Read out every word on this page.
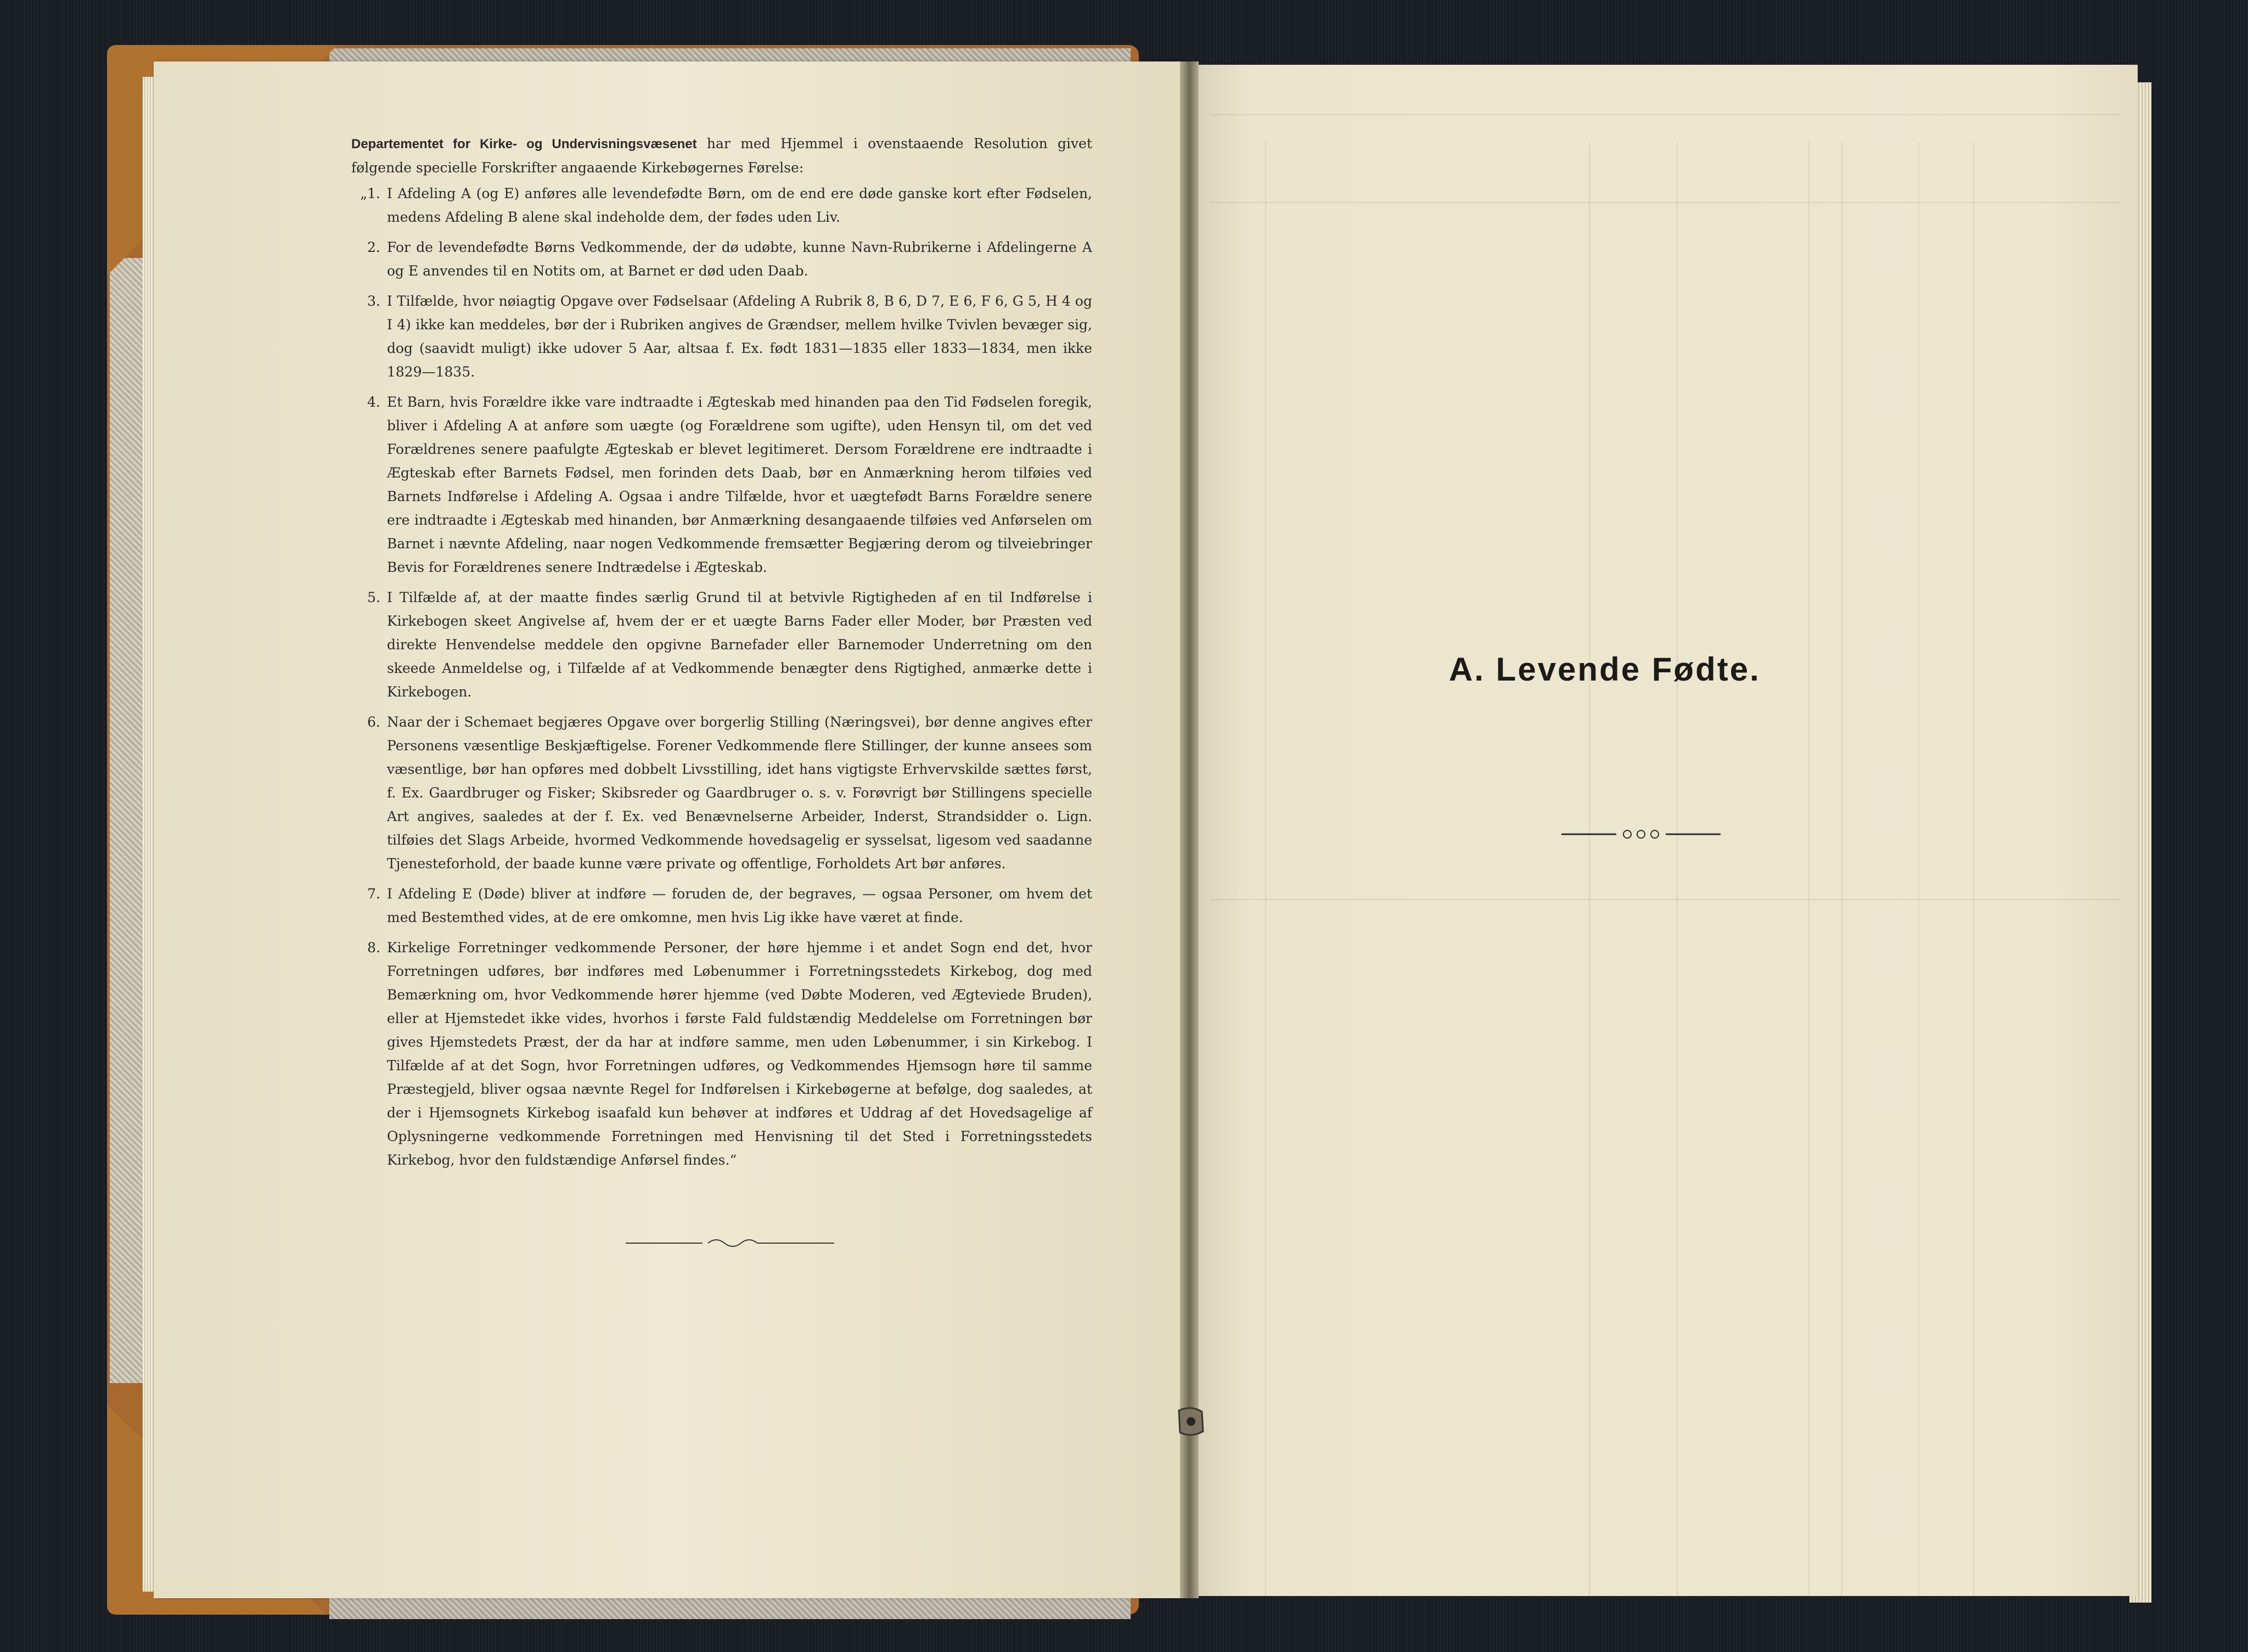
Departementet for Kirke- og Undervisningsvæsenet har med Hjemmel i ovenstaaende Resolution givet følgende specielle Forskrifter angaaende Kirkebøgernes Førelse:

„1. I Afdeling A (og E) anføres alle levendefødte Børn, om de end ere døde ganske kort efter Fødselen, medens Afdeling B alene skal indeholde dem, der fødes uden Liv.
2. For de levendefødte Børns Vedkommende, der dø udøbte, kunne Navn-Rubrikerne i Afdelingerne A og E anvendes til en Notits om, at Barnet er død uden Daab.
3. I Tilfælde, hvor nøiagtig Opgave over Fødselsaar (Afdeling A Rubrik 8, B 6, D 7, E 6, F 6, G 5, H 4 og I 4) ikke kan meddeles, bør der i Rubriken angives de Grændser, mellem hvilke Tvivlen bevæger sig, dog (saavidt muligt) ikke udover 5 Aar, altsaa f. Ex. født 1831—1835 eller 1833—1834, men ikke 1829—1835.
4. Et Barn, hvis Forældre ikke vare indtraadte i Ægteskab med hinanden paa den Tid Fødselen foregik, bliver i Afdeling A at anføre som uægte (og Forældrene som ugifte), uden Hensyn til, om det ved Forældrenes senere paafulgte Ægteskab er blevet legitimeret. Dersom Forældrene ere indtraadte i Ægteskab efter Barnets Fødsel, men forinden dets Daab, bør en Anmærkning herom tilføies ved Barnets Indførelse i Afdeling A. Ogsaa i andre Tilfælde, hvor et uægtefødt Barns Forældre senere ere indtraadte i Ægteskab med hinanden, bør Anmærkning desangaaende tilføies ved Anførselen om Barnet i nævnte Afdeling, naar nogen Vedkommende fremsætter Begjæring derom og tilveiebringer Bevis for Forældrenes senere Indtrædelse i Ægteskab.
5. I Tilfælde af, at der maatte findes særlig Grund til at betvivle Rigtigheden af en til Indførelse i Kirkebogen skeet Angivelse af, hvem der er et uægte Barns Fader eller Moder, bør Præsten ved direkte Henvendelse meddele den opgivne Barnefader eller Barnemoder Underretning om den skeede Anmeldelse og, i Tilfælde af at Vedkommende benægter dens Rigtighed, anmærke dette i Kirkebogen.
6. Naar der i Schemaet begjæres Opgave over borgerlig Stilling (Næringsvei), bør denne angives efter Personens væsentlige Beskjæftigelse. Forener Vedkommende flere Stillinger, der kunne ansees som væsentlige, bør han opføres med dobbelt Livsstilling, idet hans vigtigste Erhvervskilde sættes først, f. Ex. Gaardbruger og Fisker; Skibsreder og Gaardbruger o. s. v. Forøvrigt bør Stillingens specielle Art angives, saaledes at der f. Ex. ved Benævnelserne Arbeider, Inderst, Strandsidder o. Lign. tilføies det Slags Arbeide, hvormed Vedkommende hovedsagelig er sysselsat, ligesom ved saadanne Tjenesteforhold, der baade kunne være private og offentlige, Forholdets Art bør anføres.
7. I Afdeling E (Døde) bliver at indføre — foruden de, der begraves, — ogsaa Personer, om hvem det med Bestemthed vides, at de ere omkomne, men hvis Lig ikke have været at finde.
8. Kirkelige Forretninger vedkommende Personer, der høre hjemme i et andet Sogn end det, hvor Forretningen udføres, bør indføres med Løbenummer i Forretningsstedets Kirkebog, dog med Bemærkning om, hvor Vedkommende hører hjemme (ved Døbte Moderen, ved Ægteviede Bruden), eller at Hjemstedet ikke vides, hvorhos i første Fald fuldstændig Meddelelse om Forretningen bør gives Hjemstedets Præst, der da har at indføre samme, men uden Løbenummer, i sin Kirkebog. I Tilfælde af at det Sogn, hvor Forretningen udføres, og Vedkommendes Hjemsogn høre til samme Præstegjeld, bliver ogsaa nævnte Regel for Indførelsen i Kirkebøgerne at befølge, dog saaledes, at der i Hjemsognets Kirkebog isaafald kun behøver at indføres et Uddrag af det Hovedsagelige af Oplysningerne vedkommende Forretningen med Henvisning til det Sted i Forretningsstedets Kirkebog, hvor den fuldstændige Anførsel findes.“
A. Levende Fødte.
